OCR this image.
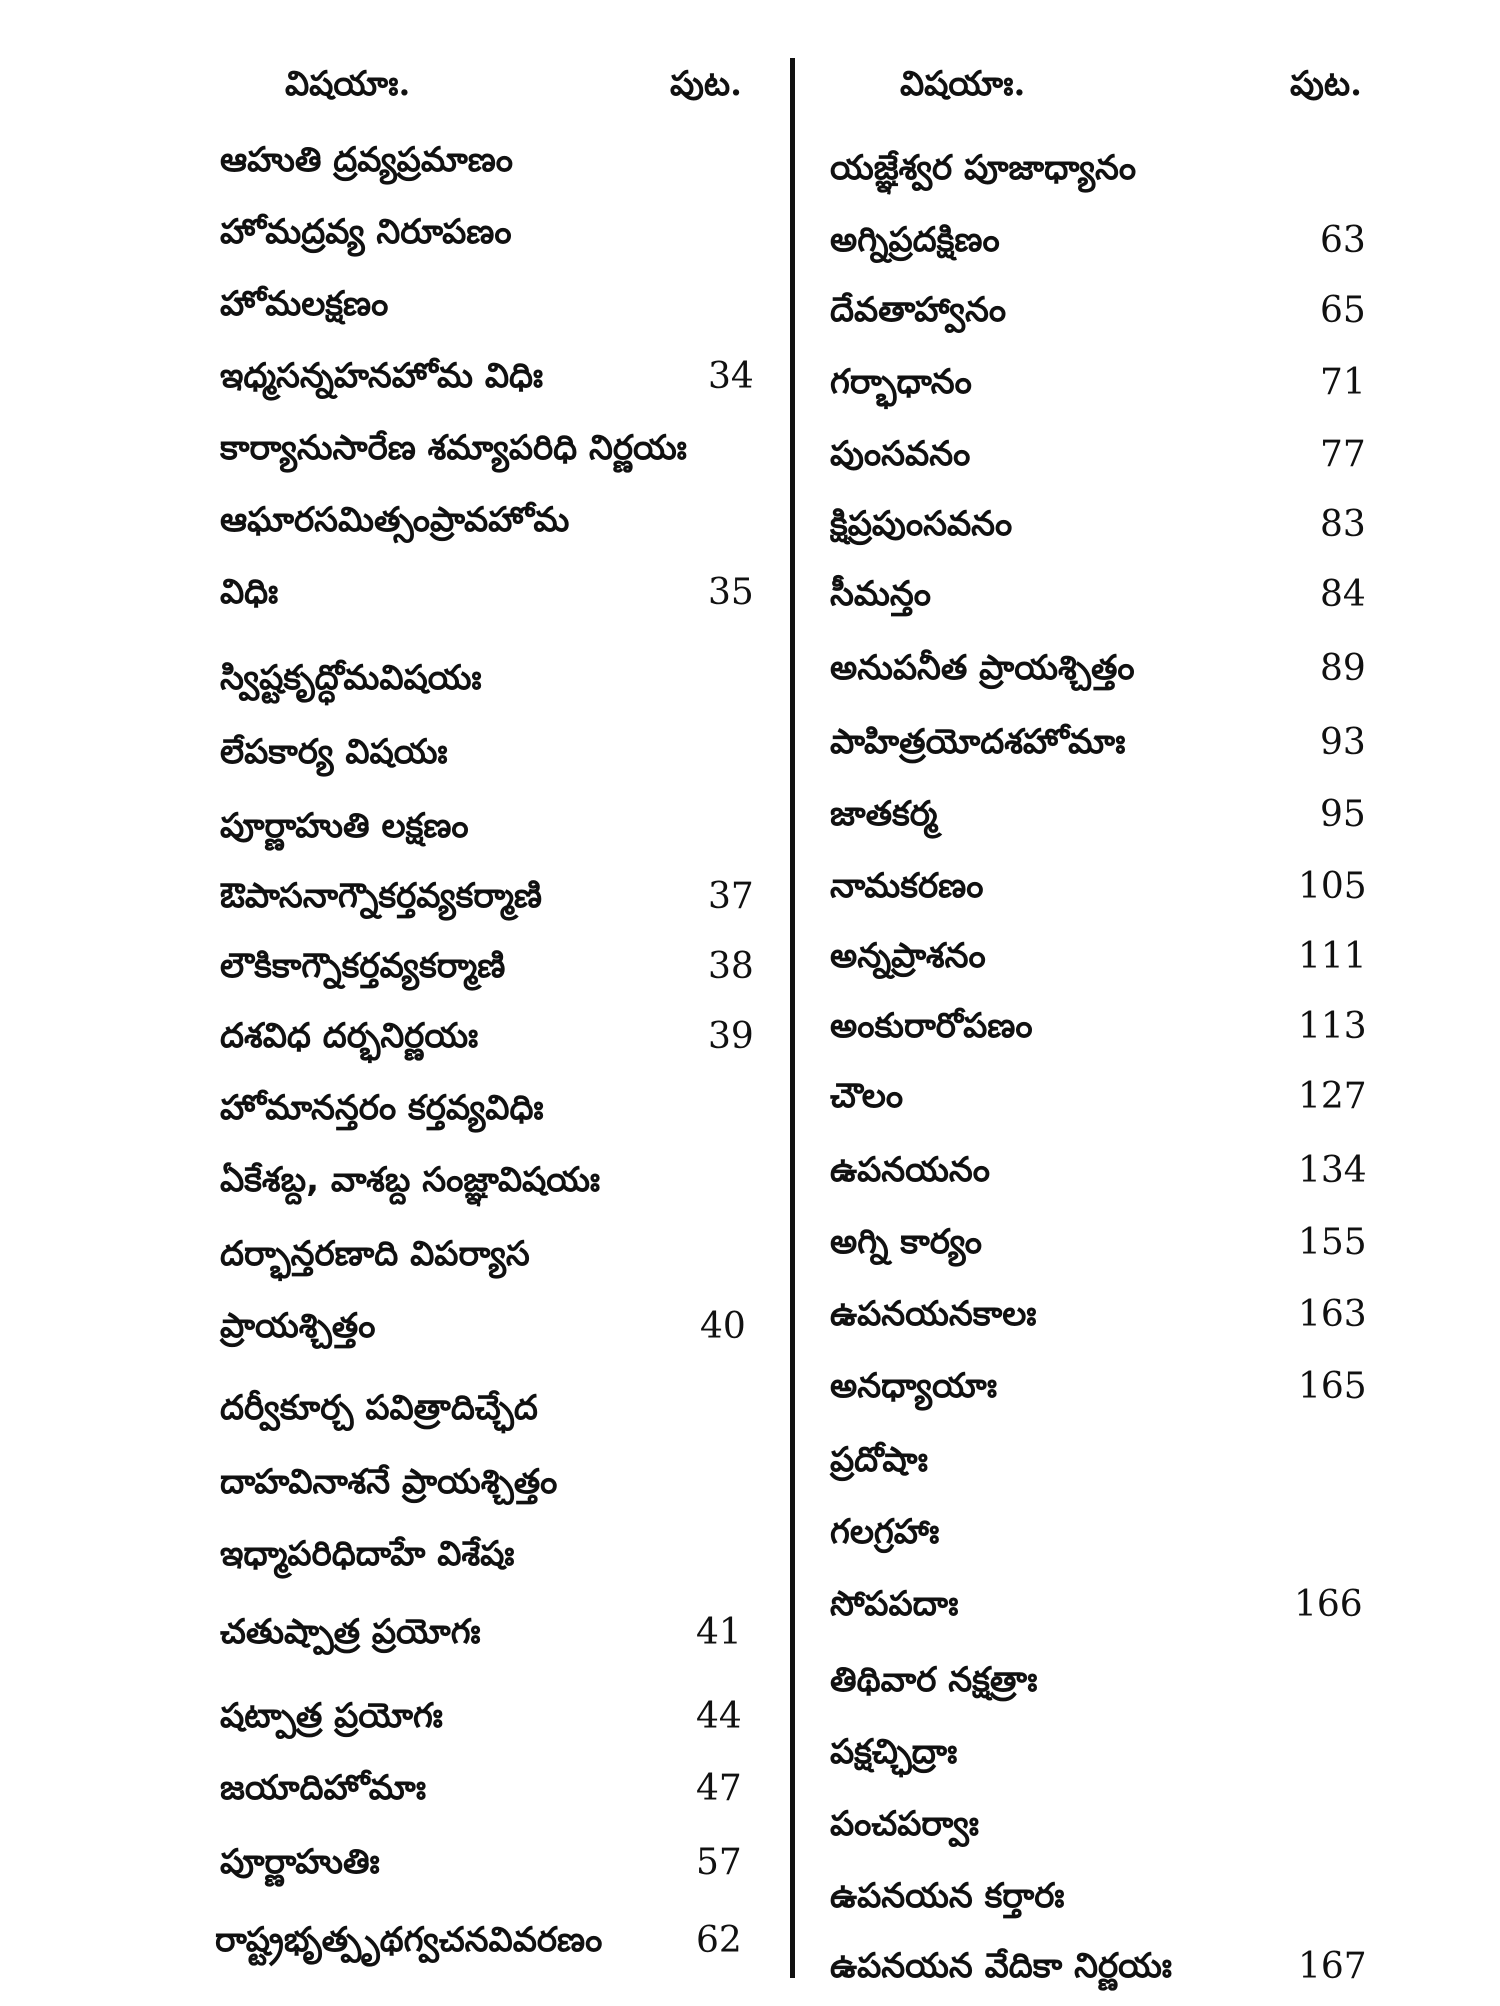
విషయాః.	పుట.
ఆహుతి ద్రవ్యప్రమాణం
హోమద్రవ్య నిరూపణం
హోమలక్షణం
ఇధ్మసన్నహనహోమ విధిః	34
కార్యానుసారేణ శమ్యాపరిధి నిర్ణయః
ఆఘారసమిత్సంప్రావహోమ
విధిః	35
స్విష్టకృద్ధోమవిషయః
లేపకార్య విషయః
పూర్ణాహుతి లక్షణం
ఔపాసనాగ్నౌకర్తవ్యకర్మాణి	37
లౌకికాగ్నౌకర్తవ్యకర్మాణి	38
దశవిధ దర్భనిర్ణయః	39
హోమానన్తరం కర్తవ్యవిధిః
ఏకేశబ్ద, వాశబ్ద సంజ్ఞావిషయః
దర్భాన్తరణాది విపర్యాస
ప్రాయశ్చిత్తం	40
దర్వీకూర్చ పవిత్రాదిచ్ఛేద
దాహవినాశనే ప్రాయశ్చిత్తం
ఇధ్మాపరిధిదాహే విశేషః
చతుష్పాత్ర ప్రయోగః	41
షట్పాత్ర ప్రయోగః	44
జయాదిహోమాః	47
పూర్ణాహుతిః	57
రాష్ట్రభృత్పృథగ్వచనవివరణం	62
విషయాః.	పుట.
యజ్ఞేశ్వర పూజాధ్యానం
అగ్నిప్రదక్షిణం	63
దేవతాహ్వానం	65
గర్భాధానం	71
పుంసవనం	77
క్షిప్రపుంసవనం	83
సీమన్తం	84
అనుపనీత ప్రాయశ్చిత్తం	89
పాహిత్రయోదశహోమాః	93
జాతకర్మ	95
నామకరణం	105
అన్నప్రాశనం	111
అంకురారోపణం	113
చౌలం	127
ఉపనయనం	134
అగ్ని కార్యం	155
ఉపనయనకాలః	163
అనధ్యాయాః	165
ప్రదోషాః
గలగ్రహాః
సోపపదాః	166
తిథివార నక్షత్రాః
పక్షచ్ఛిద్రాః
పంచపర్వాః
ఉపనయన కర్తారః
ఉపనయన వేదికా నిర్ణయః	167
